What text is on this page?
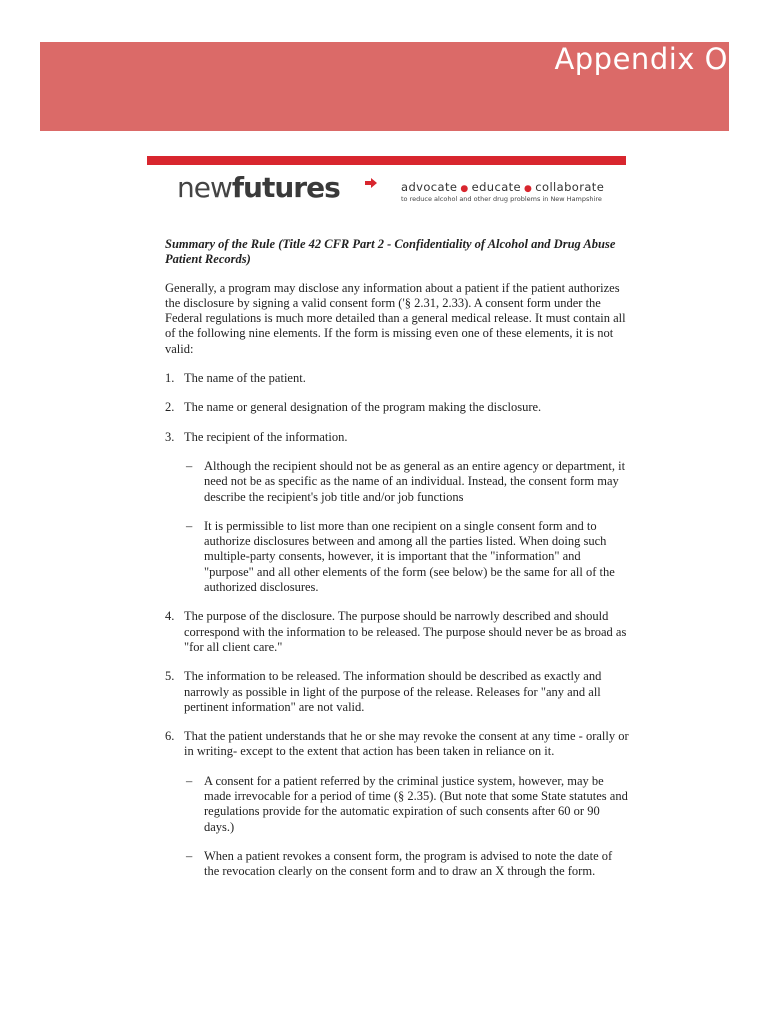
Appendix O
newfutures	advocate ● educate ● collaborate
to reduce alcohol and other drug problems in New Hampshire
Summary of the Rule (Title 42 CFR Part 2 - Confidentiality of Alcohol and Drug Abuse Patient Records)

Generally, a program may disclose any information about a patient if the patient authorizes the disclosure by signing a valid consent form ('§ 2.31, 2.33). A consent form under the Federal regulations is much more detailed than a general medical release. It must contain all of the following nine elements. If the form is missing even one of these elements, it is not valid:

1. The name of the patient.
2. The name or general designation of the program making the disclosure.
3. The recipient of the information.
– Although the recipient should not be as general as an entire agency or department, it need not be as specific as the name of an individual. Instead, the consent form may describe the recipient's job title and/or job functions
– It is permissible to list more than one recipient on a single consent form and to authorize disclosures between and among all the parties listed. When doing such multiple-party consents, however, it is important that the "information" and "purpose" and all other elements of the form (see below) be the same for all of the authorized disclosures.
4. The purpose of the disclosure. The purpose should be narrowly described and should correspond with the information to be released. The purpose should never be as broad as "for all client care."
5. The information to be released. The information should be described as exactly and narrowly as possible in light of the purpose of the release. Releases for "any and all pertinent information" are not valid.
6. That the patient understands that he or she may revoke the consent at any time - orally or in writing- except to the extent that action has been taken in reliance on it.
– A consent for a patient referred by the criminal justice system, however, may be made irrevocable for a period of time (§ 2.35). (But note that some State statutes and regulations provide for the automatic expiration of such consents after 60 or 90 days.)
– When a patient revokes a consent form, the program is advised to note the date of the revocation clearly on the consent form and to draw an X through the form.
